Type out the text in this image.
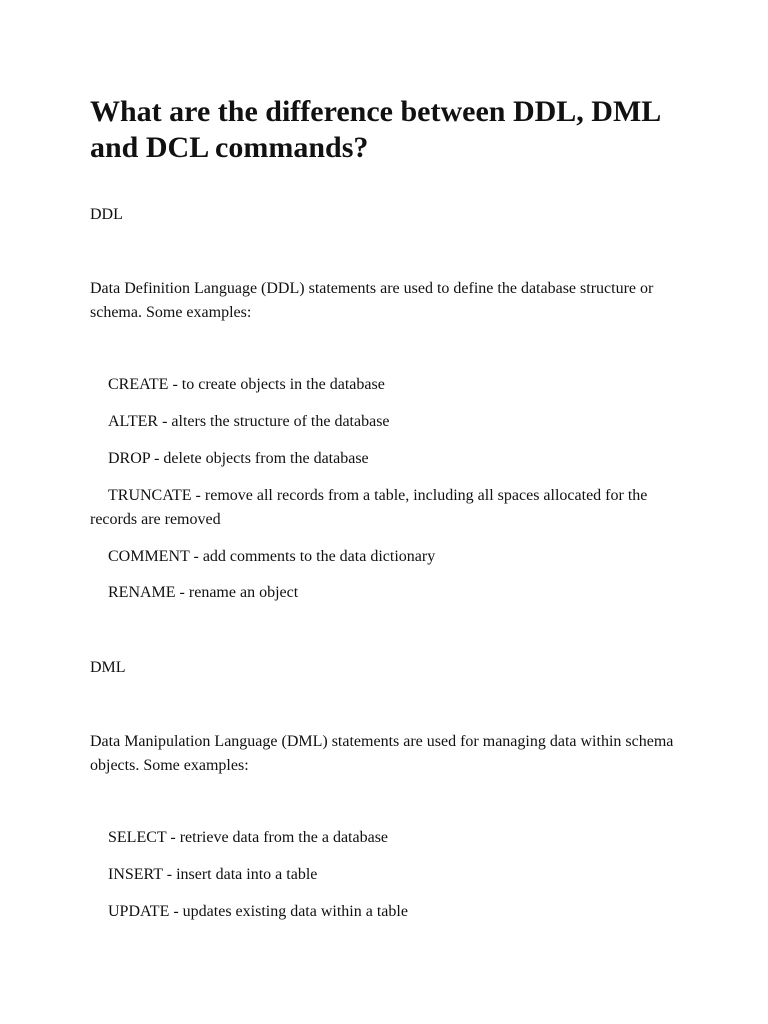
What are the difference between DDL, DML and DCL commands?

DDL

Data Definition Language (DDL) statements are used to define the database structure or schema. Some examples:

CREATE - to create objects in the database

ALTER - alters the structure of the database

DROP - delete objects from the database

TRUNCATE - remove all records from a table, including all spaces allocated for the records are removed

COMMENT - add comments to the data dictionary

RENAME - rename an object

DML

Data Manipulation Language (DML) statements are used for managing data within schema objects. Some examples:

SELECT - retrieve data from the a database

INSERT - insert data into a table

UPDATE - updates existing data within a table
